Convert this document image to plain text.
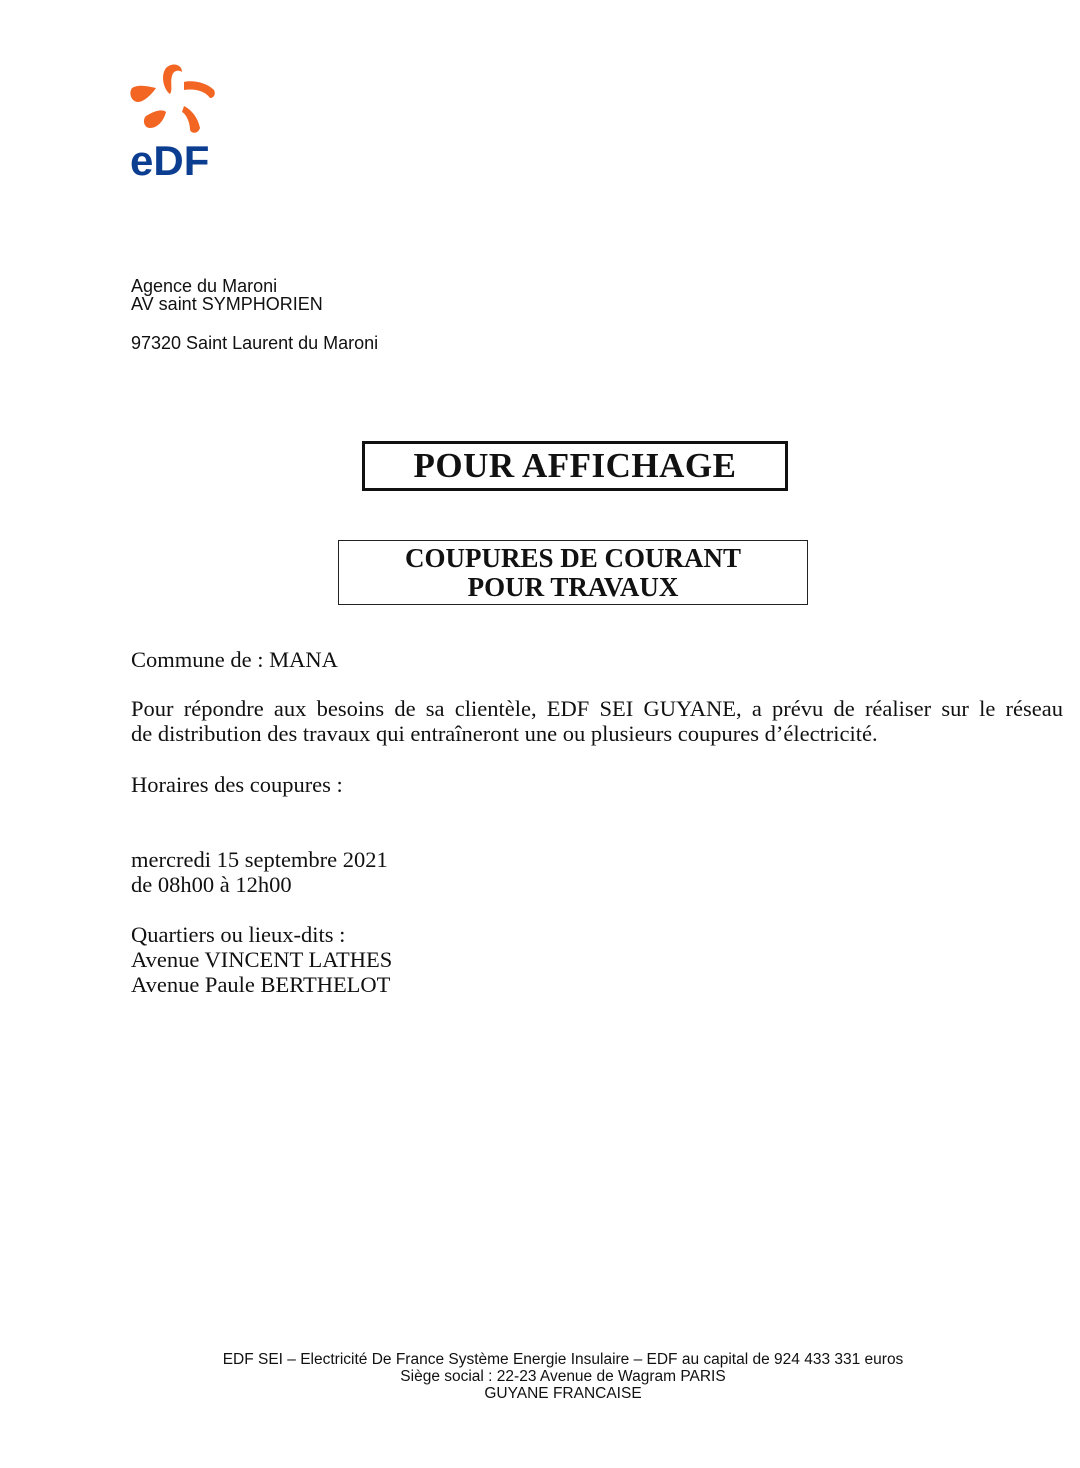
eDF
Agence du Maroni
AV saint SYMPHORIEN
97320 Saint Laurent du Maroni
POUR AFFICHAGE
COUPURES DE COURANT
POUR TRAVAUX
Commune de : MANA
Pour répondre aux besoins de sa clientèle, EDF SEI GUYANE, a prévu de réaliser sur le réseau
de distribution des travaux qui entraîneront une ou plusieurs coupures d’électricité.
Horaires des coupures :
mercredi 15 septembre 2021
de 08h00 à 12h00
Quartiers ou lieux-dits :
Avenue VINCENT LATHES
Avenue Paule BERTHELOT
EDF SEI – Electricité De France Système Energie Insulaire – EDF au capital de 924 433 331 euros
Siège social : 22-23 Avenue de Wagram PARIS
GUYANE FRANCAISE
